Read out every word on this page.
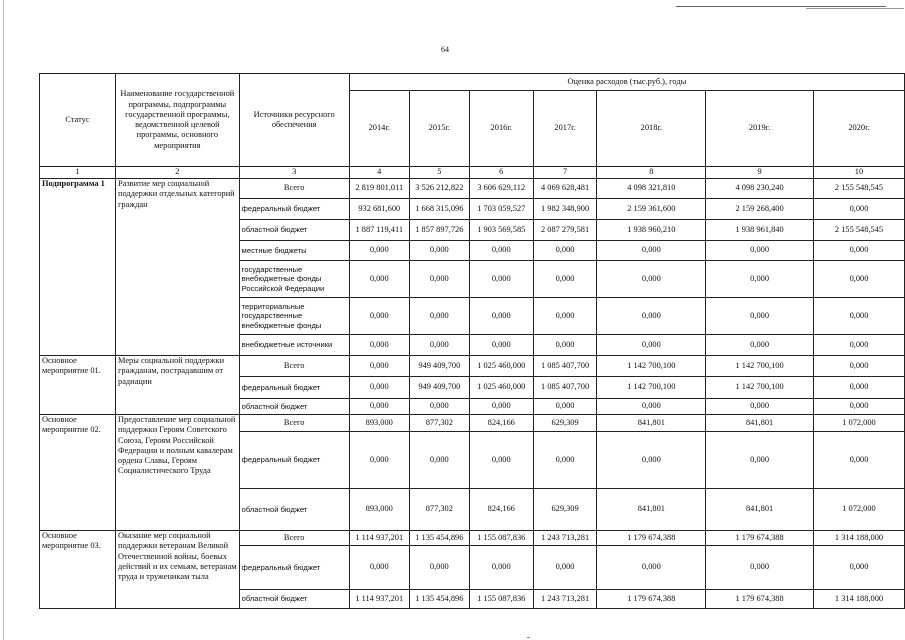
64
Статус	Наименование государственной программы, подпрограммы государственной программы, ведомственной целевой программы, основного мероприятия	Источники ресурсного обеспечения	Оценка расходов (тыс.руб.), годы						
			2014г.	2015г.	2016г.	2017г.	2018г.	2019г.	2020г.
1	2	3	4	5	6	7	8	9	10
Подпрограмма 1	Развитие мер социальной поддержки отдельных категорий граждан	Всего	2 819 801,011	3 526 212,822	3 606 629,112	4 069 628,481	4 098 321,810	4 098 230,240	2 155 548,545
		федеральный бюджет	932 681,600	1 668 315,096	1 703 059,527	1 982 348,900	2 159 361,600	2 159 268,400	0,000
		областной бюджет	1 887 119,411	1 857 897,726	1 903 569,585	2 087 279,581	1 938 960,210	1 938 961,840	2 155 548,545
		местные бюджеты	0,000	0,000	0,000	0,000	0,000	0,000	0,000
		государственные внебюджетные фонды Российской Федерации	0,000	0,000	0,000	0,000	0,000	0,000	0,000
		территориальные государственные внебюджетные фонды	0,000	0,000	0,000	0,000	0,000	0,000	0,000
		внебюджетные источники	0,000	0,000	0,000	0,000	0,000	0,000	0,000
Основное мероприятие 01.	Меры социальной поддержки гражданам, пострадавшим от радиации	Всего	0,000	949 409,700	1 025 460,000	1 085 407,700	1 142 700,100	1 142 700,100	0,000
		федеральный бюджет	0,000	949 409,700	1 025 460,000	1 085 407,700	1 142 700,100	1 142 700,100	0,000
		областной бюджет	0,000	0,000	0,000	0,000	0,000	0,000	0,000
Основное мероприятие 02.	Предоставление мер социальной поддержки Героям Советского Союза, Героям Российской Федерации и полным кавалерам ордена Славы, Героям Социалистического Труда	Всего	893,000	877,302	824,166	629,309	841,801	841,801	1 072,000
		федеральный бюджет	0,000	0,000	0,000	0,000	0,000	0,000	0,000
		областной бюджет	893,000	877,302	824,166	629,309	841,801	841,801	1 072,000
Основное мероприятие 03.	Оказание мер социальной поддержки ветеранам Великой Отечественной войны, боевых действий и их семьям, ветеранам труда и труженикам тыла	Всего	1 114 937,201	1 135 454,896	1 155 087,836	1 243 713,281	1 179 674,388	1 179 674,388	1 314 188,000
		федеральный бюджет	0,000	0,000	0,000	0,000	0,000	0,000	0,000
		областной бюджет	1 114 937,201	1 135 454,896	1 155 087,836	1 243 713,281	1 179 674,388	1 179 674,388	1 314 188,000
